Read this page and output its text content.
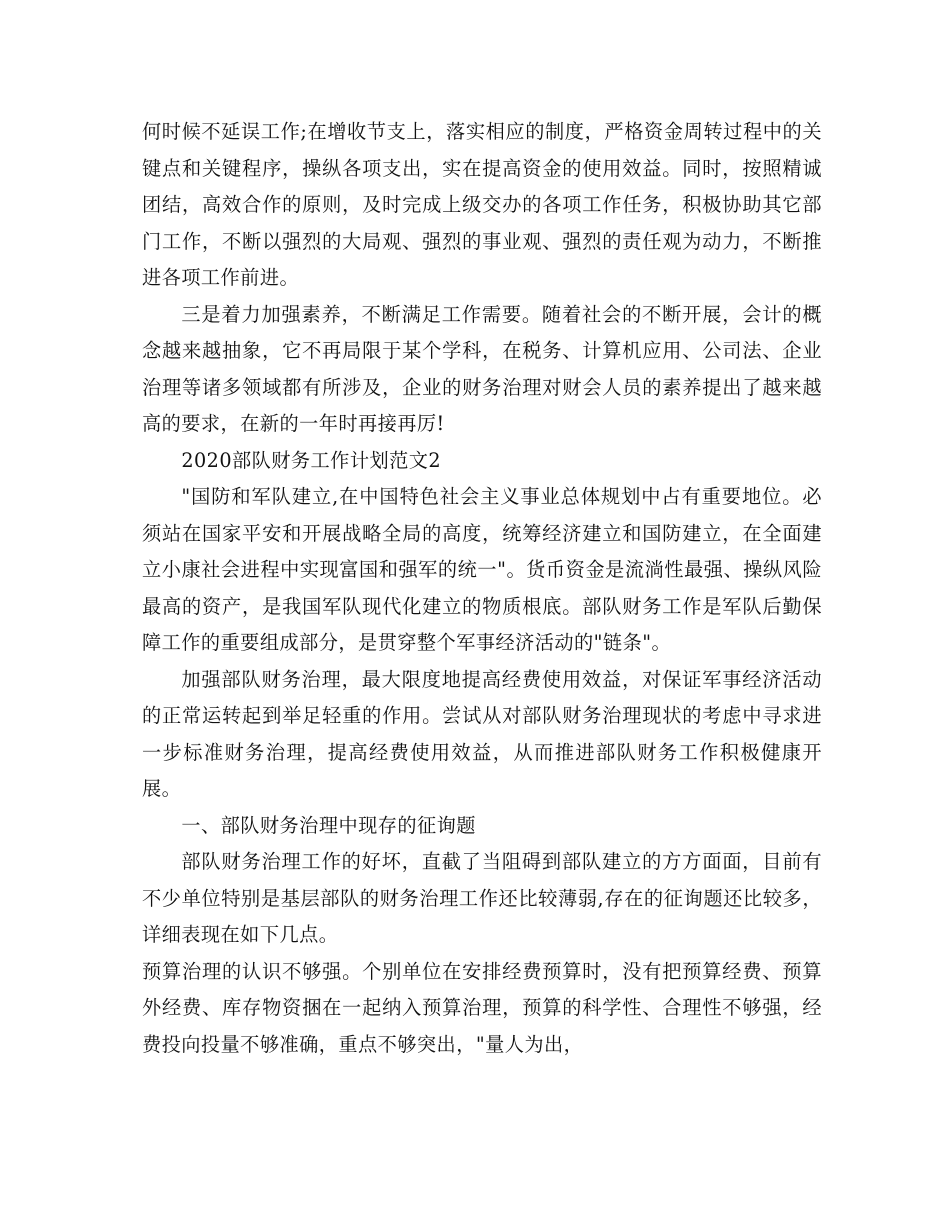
何时候不延误工作;在增收节支上，落实相应的制度，严格资金周转过程中的关键点和关键程序，操纵各项支出，实在提高资金的使用效益。同时，按照精诚团结，高效合作的原则，及时完成上级交办的各项工作任务，积极协助其它部门工作，不断以强烈的大局观、强烈的事业观、强烈的责任观为动力，不断推进各项工作前进。

三是着力加强素养，不断满足工作需要。随着社会的不断开展，会计的概念越来越抽象，它不再局限于某个学科，在税务、计算机应用、公司法、企业治理等诸多领域都有所涉及，企业的财务治理对财会人员的素养提出了越来越高的要求，在新的一年时再接再厉!

2020部队财务工作计划范文2

"国防和军队建立,在中国特色社会主义事业总体规划中占有重要地位。必须站在国家平安和开展战略全局的高度，统筹经济建立和国防建立，在全面建立小康社会进程中实现富国和强军的统一"。货币资金是流淌性最强、操纵风险最高的资产，是我国军队现代化建立的物质根底。部队财务工作是军队后勤保障工作的重要组成部分，是贯穿整个军事经济活动的"链条"。

加强部队财务治理，最大限度地提高经费使用效益，对保证军事经济活动的正常运转起到举足轻重的作用。尝试从对部队财务治理现状的考虑中寻求进一步标准财务治理，提高经费使用效益，从而推进部队财务工作积极健康开展。

一、部队财务治理中现存的征询题

部队财务治理工作的好坏，直截了当阻碍到部队建立的方方面面，目前有不少单位特别是基层部队的财务治理工作还比较薄弱,存在的征询题还比较多，详细表现在如下几点。

预算治理的认识不够强。个别单位在安排经费预算时，没有把预算经费、预算外经费、库存物资捆在一起纳入预算治理，预算的科学性、合理性不够强，经费投向投量不够准确，重点不够突出，"量人为出，
